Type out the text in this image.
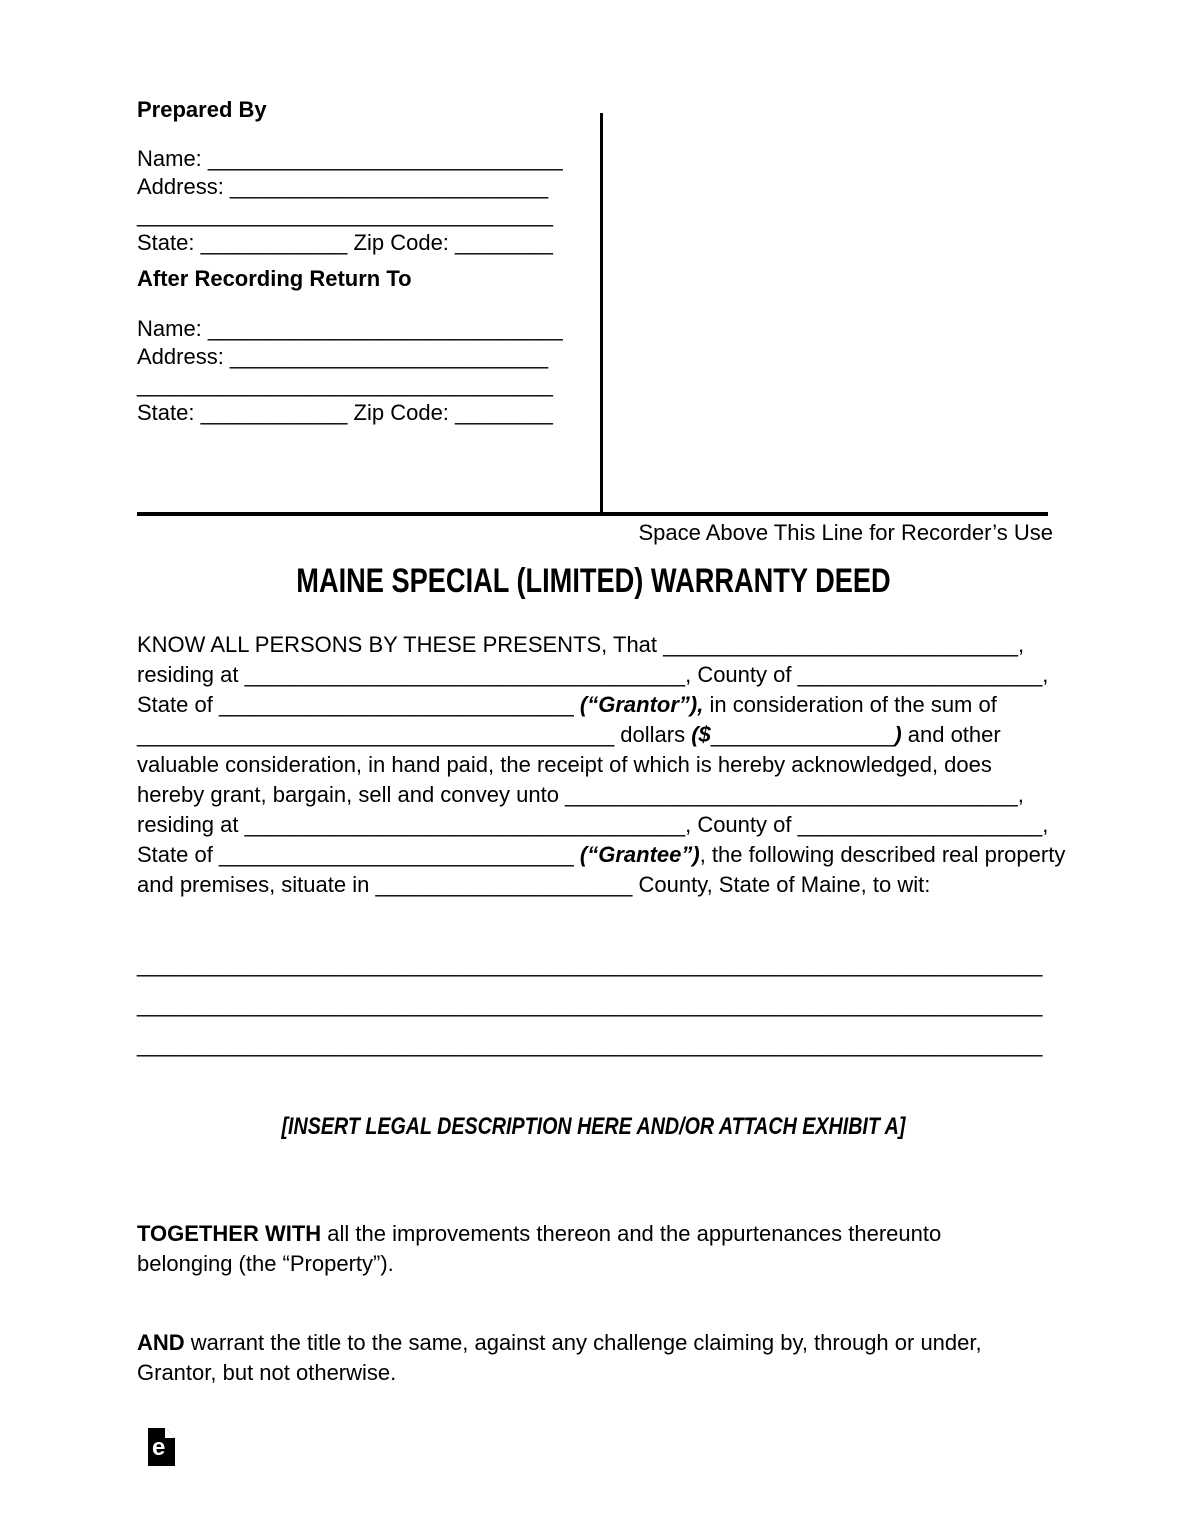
Prepared By
Name: _____________________________
Address: __________________________
__________________________________
State: ____________ Zip Code: ________
After Recording Return To
Name: _____________________________
Address: __________________________
__________________________________
State: ____________ Zip Code: ________
Space Above This Line for Recorder’s Use
MAINE SPECIAL (LIMITED) WARRANTY DEED
KNOW ALL PERSONS BY THESE PRESENTS, That _____________________________,
residing at ____________________________________, County of ____________________,
State of _____________________________ (“Grantor”), in consideration of the sum of
_______________________________________ dollars ($_______________) and other
valuable consideration, in hand paid, the receipt of which is hereby acknowledged, does
hereby grant, bargain, sell and convey unto _____________________________________,
residing at ____________________________________, County of ____________________,
State of _____________________________ (“Grantee”), the following described real property
and premises, situate in _____________________ County, State of Maine, to wit:
__________________________________________________________________________
__________________________________________________________________________
__________________________________________________________________________
[INSERT LEGAL DESCRIPTION HERE AND/OR ATTACH EXHIBIT A]
TOGETHER WITH all the improvements thereon and the appurtenances thereunto
belonging (the “Property”).
AND warrant the title to the same, against any challenge claiming by, through or under,
Grantor, but not otherwise.
e
